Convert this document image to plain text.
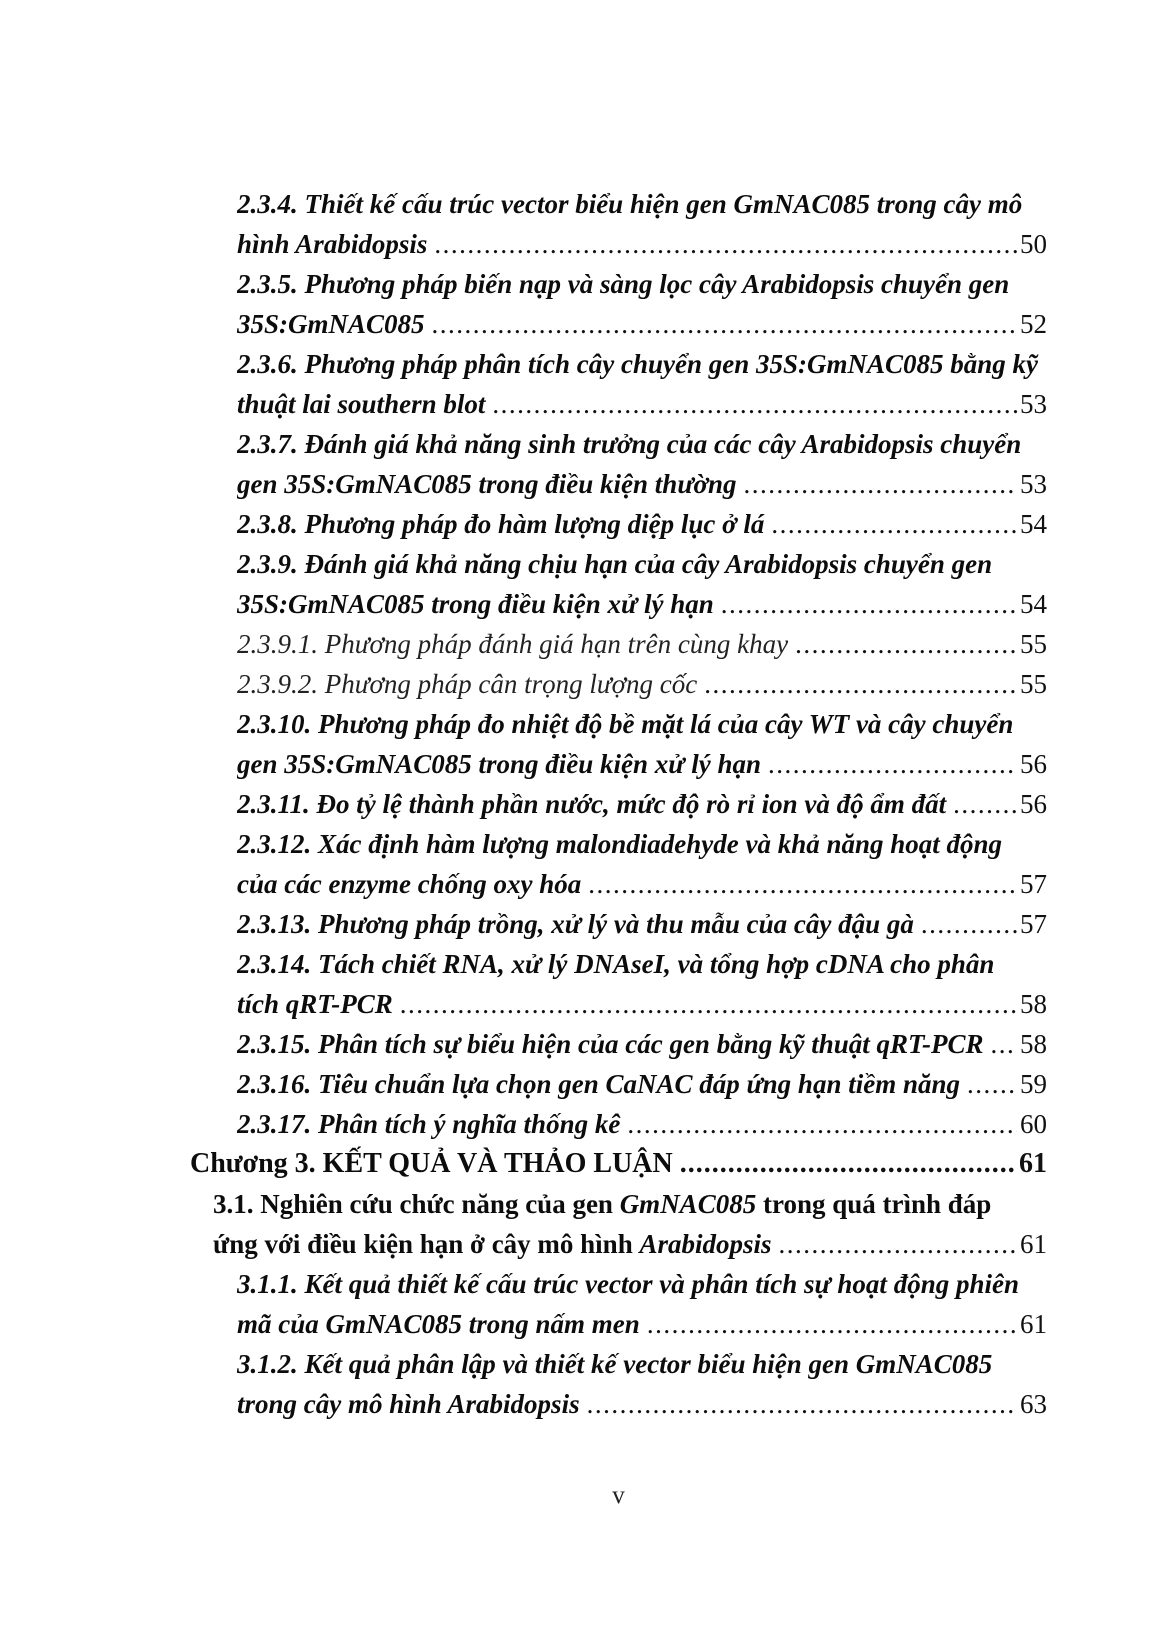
2.3.4. Thiết kế cấu trúc vector biểu hiện gen GmNAC085 trong cây mô
hình Arabidopsis .....	50
2.3.5. Phương pháp biến nạp và sàng lọc cây Arabidopsis chuyển gen
35S:GmNAC085 .....	52
2.3.6. Phương pháp phân tích cây chuyển gen 35S:GmNAC085 bằng kỹ
thuật lai southern blot .....	53
2.3.7. Đánh giá khả năng sinh trưởng của các cây Arabidopsis chuyển
gen 35S:GmNAC085 trong điều kiện thường .....	53
2.3.8. Phương pháp đo hàm lượng diệp lục ở lá .....	54
2.3.9. Đánh giá khả năng chịu hạn của cây Arabidopsis chuyển gen
35S:GmNAC085 trong điều kiện xử lý hạn .....	54
2.3.9.1. Phương pháp đánh giá hạn trên cùng khay .....	55
2.3.9.2. Phương pháp cân trọng lượng cốc .....	55
2.3.10. Phương pháp đo nhiệt độ bề mặt lá của cây WT và cây chuyển
gen 35S:GmNAC085 trong điều kiện xử lý hạn .....	56
2.3.11. Đo tỷ lệ thành phần nước, mức độ rò rỉ ion và độ ẩm đất .....	56
2.3.12. Xác định hàm lượng malondiadehyde và khả năng hoạt động
của các enzyme chống oxy hóa .....	57
2.3.13. Phương pháp trồng, xử lý và thu mẫu của cây đậu gà .....	57
2.3.14. Tách chiết RNA, xử lý DNAseI, và tổng hợp cDNA cho phân
tích qRT-PCR .....	58
2.3.15. Phân tích sự biểu hiện của các gen bằng kỹ thuật qRT-PCR ..... 58
2.3.16. Tiêu chuẩn lựa chọn gen CaNAC đáp ứng hạn tiềm năng ..... 59
2.3.17. Phân tích ý nghĩa thống kê .....	60
Chương 3. KẾT QUẢ VÀ THẢO LUẬN .....	61
3.1. Nghiên cứu chức năng của gen GmNAC085 trong quá trình đáp
ứng với điều kiện hạn ở cây mô hình Arabidopsis .....	61
3.1.1. Kết quả thiết kế cấu trúc vector và phân tích sự hoạt động phiên
mã của GmNAC085 trong nấm men .....	61
3.1.2. Kết quả phân lập và thiết kế vector biểu hiện gen GmNAC085
trong cây mô hình Arabidopsis .....	63
v
